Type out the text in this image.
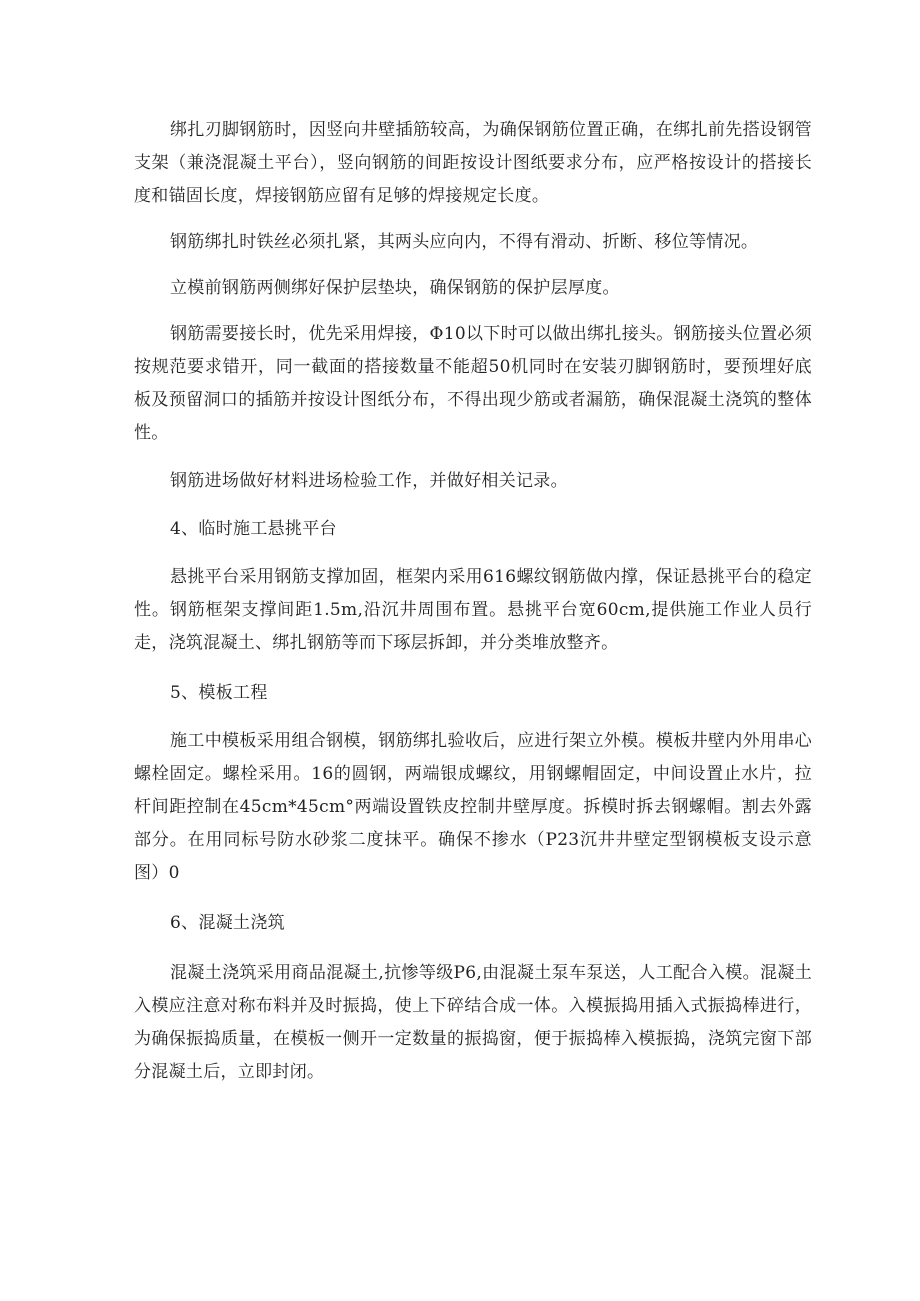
绑扎刃脚钢筋时，因竖向井壁插筋较高，为确保钢筋位置正确，在绑扎前先搭设钢管支架（兼浇混凝土平台），竖向钢筋的间距按设计图纸要求分布，应严格按设计的搭接长度和锚固长度，焊接钢筋应留有足够的焊接规定长度。

钢筋绑扎时铁丝必须扎紧，其两头应向内，不得有滑动、折断、移位等情况。

立模前钢筋两侧绑好保护层垫块，确保钢筋的保护层厚度。

钢筋需要接长时，优先采用焊接，Φ10以下时可以做出绑扎接头。钢筋接头位置必须按规范要求错开，同一截面的搭接数量不能超50机同时在安装刃脚钢筋时，要预埋好底板及预留洞口的插筋并按设计图纸分布，不得出现少筋或者漏筋，确保混凝土浇筑的整体性。

钢筋进场做好材料进场检验工作，并做好相关记录。

4、临时施工悬挑平台

悬挑平台采用钢筋支撑加固，框架内采用616螺纹钢筋做内撑，保证悬挑平台的稳定性。钢筋框架支撑间距1.5m,沿沉井周围布置。悬挑平台宽60cm,提供施工作业人员行走，浇筑混凝土、绑扎钢筋等而下琢层拆卸，并分类堆放整齐。

5、模板工程

施工中模板采用组合钢模，钢筋绑扎验收后，应进行架立外模。模板井壁内外用串心螺栓固定。螺栓采用。16的圆钢，两端银成螺纹，用钢螺帽固定，中间设置止水片，拉杆间距控制在45cm*45cm°两端设置铁皮控制井壁厚度。拆模时拆去钢螺帽。割去外露部分。在用同标号防水砂浆二度抹平。确保不掺水（P23沉井井壁定型钢模板支设示意图）0

6、混凝土浇筑

混凝土浇筑采用商品混凝土,抗惨等级P6,由混凝土泵车泵送，人工配合入模。混凝土入模应注意对称布料并及时振捣，使上下碎结合成一体。入模振捣用插入式振捣棒进行，为确保振捣质量，在模板一侧开一定数量的振捣窗，便于振捣棒入模振捣，浇筑完窗下部分混凝土后，立即封闭。
